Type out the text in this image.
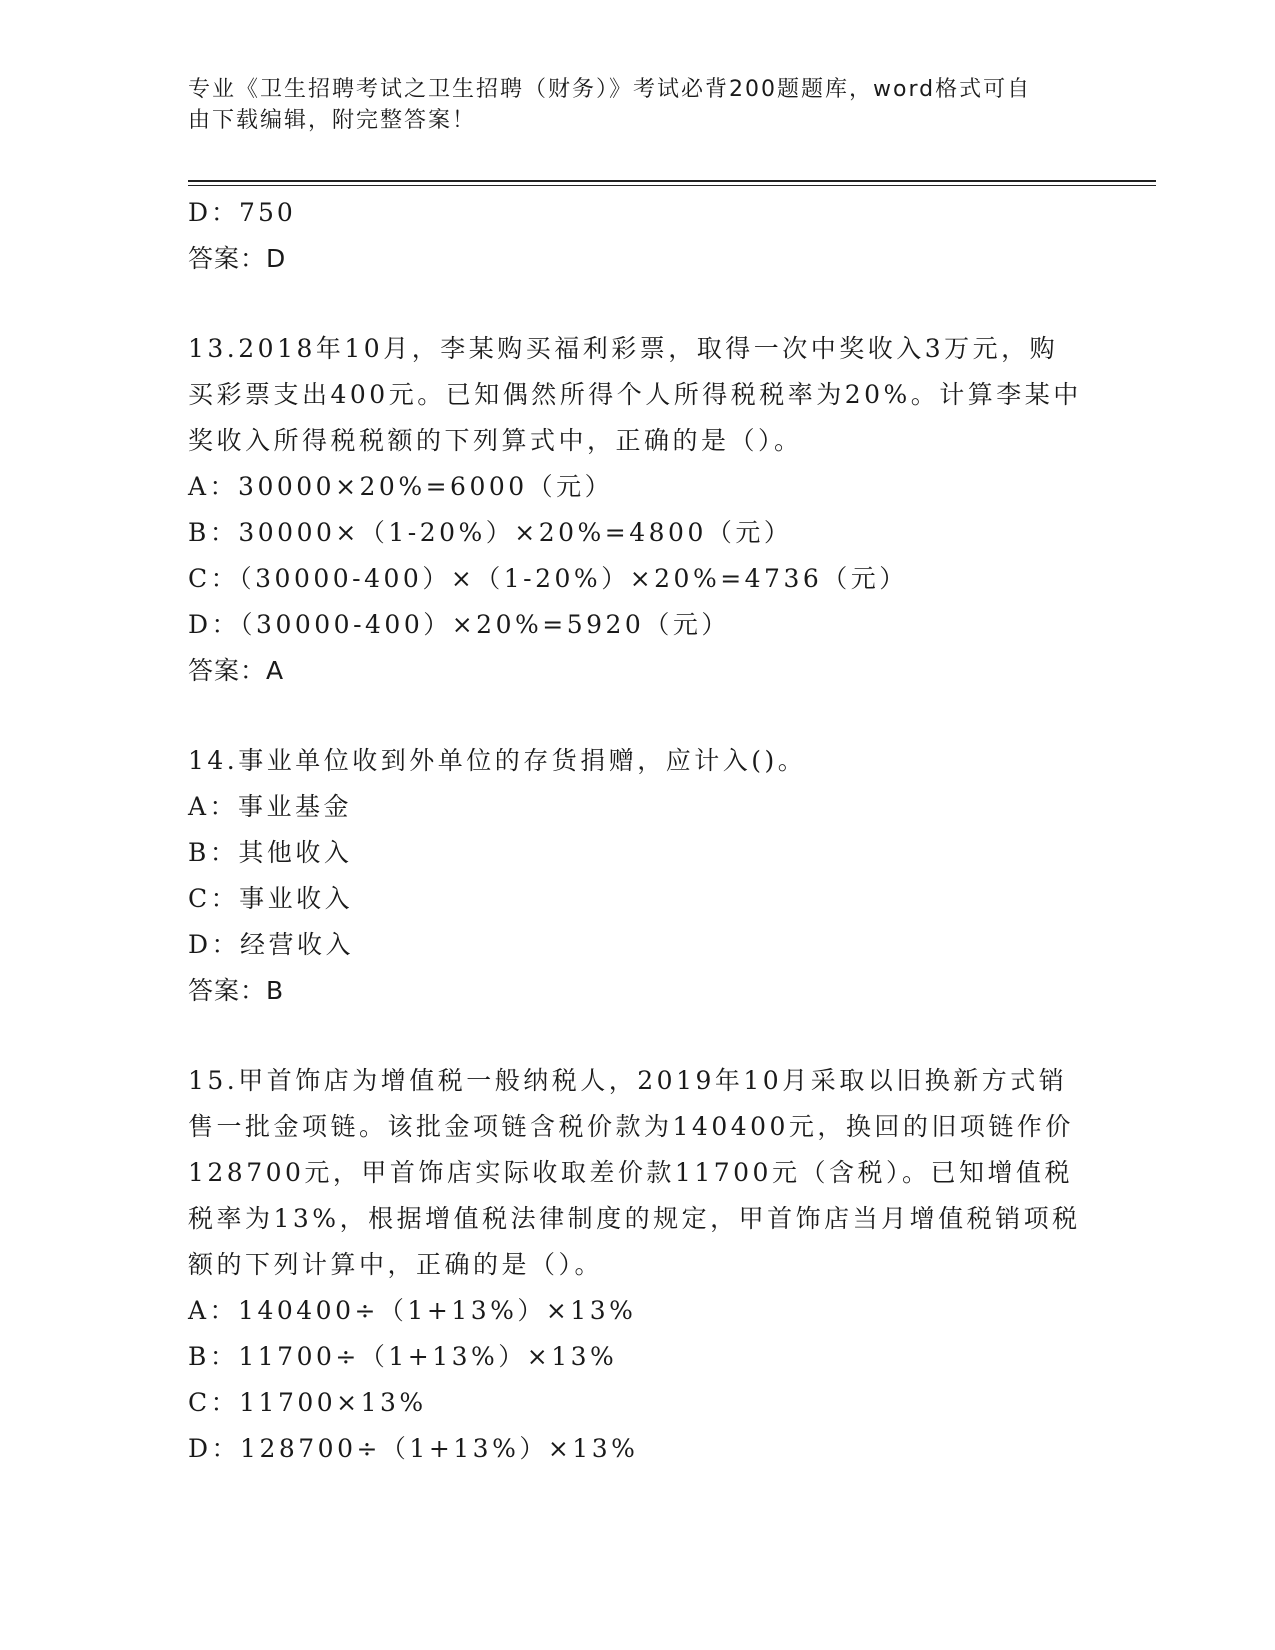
专业《卫生招聘考试之卫生招聘（财务）》考试必背200题题库，word格式可自
由下载编辑，附完整答案！
D：750
答案：D
13.2018年10月，李某购买福利彩票，取得一次中奖收入3万元，购
买彩票支出400元。已知偶然所得个人所得税税率为20%。计算李某中
奖收入所得税税额的下列算式中，正确的是（）。
A：30000×20%=6000（元）
B：30000×（1-20%）×20%=4800（元）
C：（30000-400）×（1-20%）×20%=4736（元）
D：（30000-400）×20%=5920（元）
答案：A
14.事业单位收到外单位的存货捐赠，应计入()。
A：事业基金
B：其他收入
C：事业收入
D：经营收入
答案：B
15.甲首饰店为增值税一般纳税人，2019年10月采取以旧换新方式销
售一批金项链。该批金项链含税价款为140400元，换回的旧项链作价
128700元，甲首饰店实际收取差价款11700元（含税）。已知增值税
税率为13%，根据增值税法律制度的规定，甲首饰店当月增值税销项税
额的下列计算中，正确的是（）。
A：140400÷（1+13%）×13%
B：11700÷（1+13%）×13%
C：11700×13%
D：128700÷（1+13%）×13%
